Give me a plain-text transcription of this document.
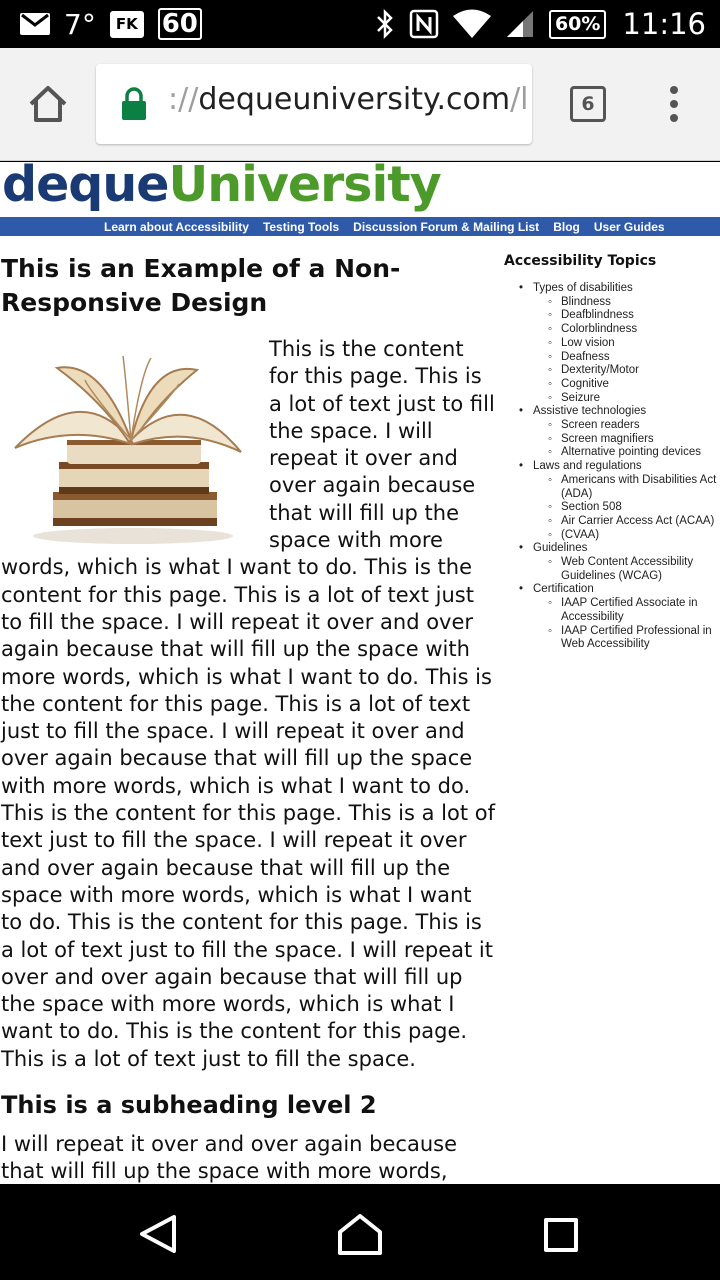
7°	FK 60	60% 11:16
://dequeuniversity.com/l	6
dequeUniversity
Learn about Accessibility Testing Tools Discussion Forum & Mailing List Blog User Guides
This is an Example of a Non-Responsive Design
This is the content for this page. This is a lot of text just to fill the space. I will repeat it over and over again because that will fill up the space with more words, which is what I want to do. This is the content for this page. This is a lot of text just to fill the space. I will repeat it over and over again because that will fill up the space with more words, which is what I want to do. This is the content for this page. This is a lot of text just to fill the space. I will repeat it over and over again because that will fill up the space with more words, which is what I want to do. This is the content for this page. This is a lot of text just to fill the space. I will repeat it over and over again because that will fill up the space with more words, which is what I want to do. This is the content for this page. This is a lot of text just to fill the space. I will repeat it over and over again because that will fill up the space with more words, which is what I want to do. This is the content for this page. This is a lot of text just to fill the space.
This is a subheading level 2

I will repeat it over and over again because that will fill up the space with more words,

Accessibility Topics
• Types of disabilities
◦ Blindness
◦ Deafblindness
◦ Colorblindness
◦ Low vision
◦ Deafness
◦ Dexterity/Motor
◦ Cognitive
◦ Seizure
• Assistive technologies
◦ Screen readers
◦ Screen magnifiers
◦ Alternative pointing devices
• Laws and regulations
◦ Americans with Disabilities Act (ADA)
◦ Section 508
◦ Air Carrier Access Act (ACAA)
◦ (CVAA)
• Guidelines
◦ Web Content Accessibility Guidelines (WCAG)
• Certification
◦ IAAP Certified Associate in Accessibility
◦ IAAP Certified Professional in Web Accessibility
